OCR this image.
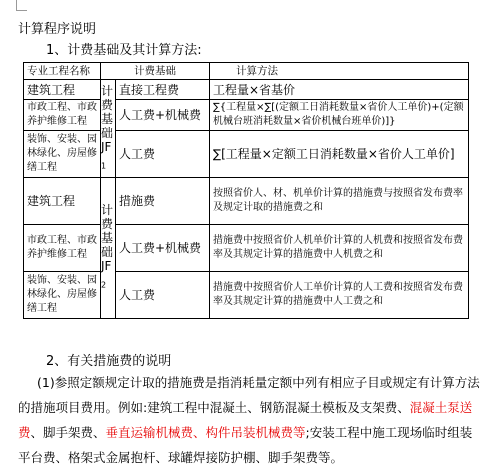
计算程序说明
1、计费基础及其计算方法:
专业工程名称	计费基础		计算方法
建筑工程	计费基础$JF_1$	直接工程费	工程量×省基价
市政工程、市政养护维修工程		人工费+机械费	∑{工程量×∑[(定额工日消耗数量×省价人工单价)+(定额机械台班消耗数量×省价机械台班单价)]}
装饰、安装、园林绿化、房屋修缮工程		人工费	∑[工程量×定额工日消耗数量×省价人工单价]
建筑工程	计费基础$JF_2$	措施费	按照省价人、材、机单价计算的措施费与按照省发布费率及规定计取的措施费之和
市政工程、市政养护维修工程		人工费+机械费	措施费中按照省价人机单价计算的人机费和按照省发布费率及其规定计算的措施费中人机费之和
装饰、安装、园林绿化、房屋修缮工程		人工费	措施费中按照省价人工单价计算的人工费和按照省发布费率及其规定计算的措施费中人工费之和
2、有关措施费的说明
(1)参照定额规定计取的措施费是指消耗量定额中列有相应子目或规定有计算方法的措施项目费用。例如:建筑工程中混凝土、钢筋混凝土模板及支架费、混凝土泵送费、脚手架费、垂直运输机械费、构件吊装机械费等;安装工程中施工现场临时组装平台费、格架式金属抱杆、球罐焊接防护棚、脚手架费等。
